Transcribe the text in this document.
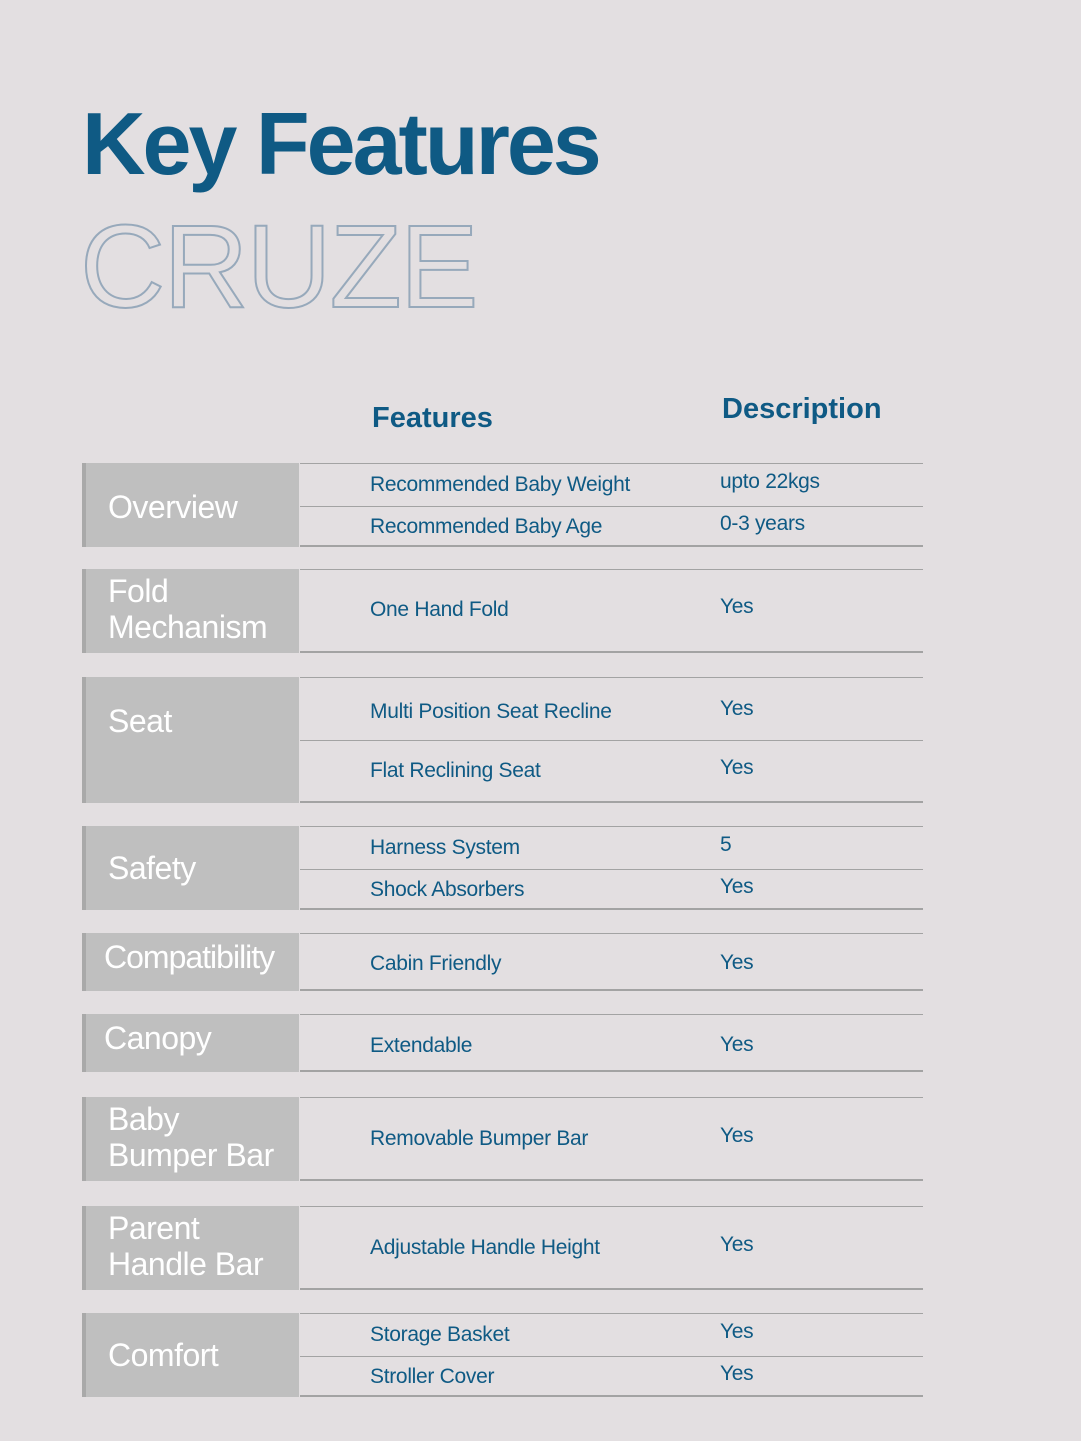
Key Features
CRUZE
Features	Description
Overview
Recommended Baby Weight	upto 22kgs
Recommended Baby Age	0-3 years
Fold
Mechanism	One Hand Fold	Yes
Seat	Multi Position Seat Recline	Yes
Flat Reclining Seat	Yes
Safety
Harness System	5
Shock Absorbers	Yes
Compatibility	Cabin Friendly	Yes
Canopy	Extendable	Yes
Baby
Bumper Bar	Removable Bumper Bar	Yes
Parent
Handle Bar	Adjustable Handle Height	Yes
Comfort
Storage Basket	Yes
Stroller Cover	Yes
